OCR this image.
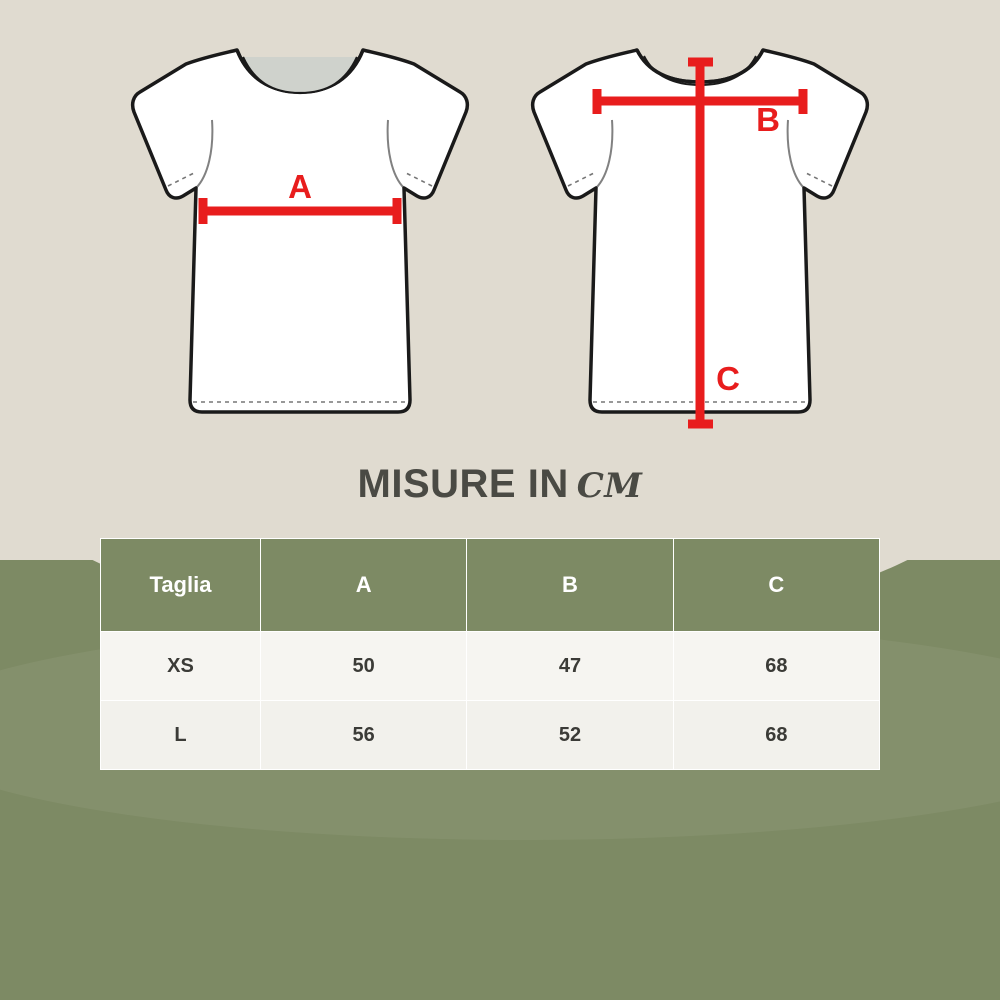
A
B
C
MISURE IN CM
Taglia	A	B	C
XS	50	47	68
L	56	52	68
